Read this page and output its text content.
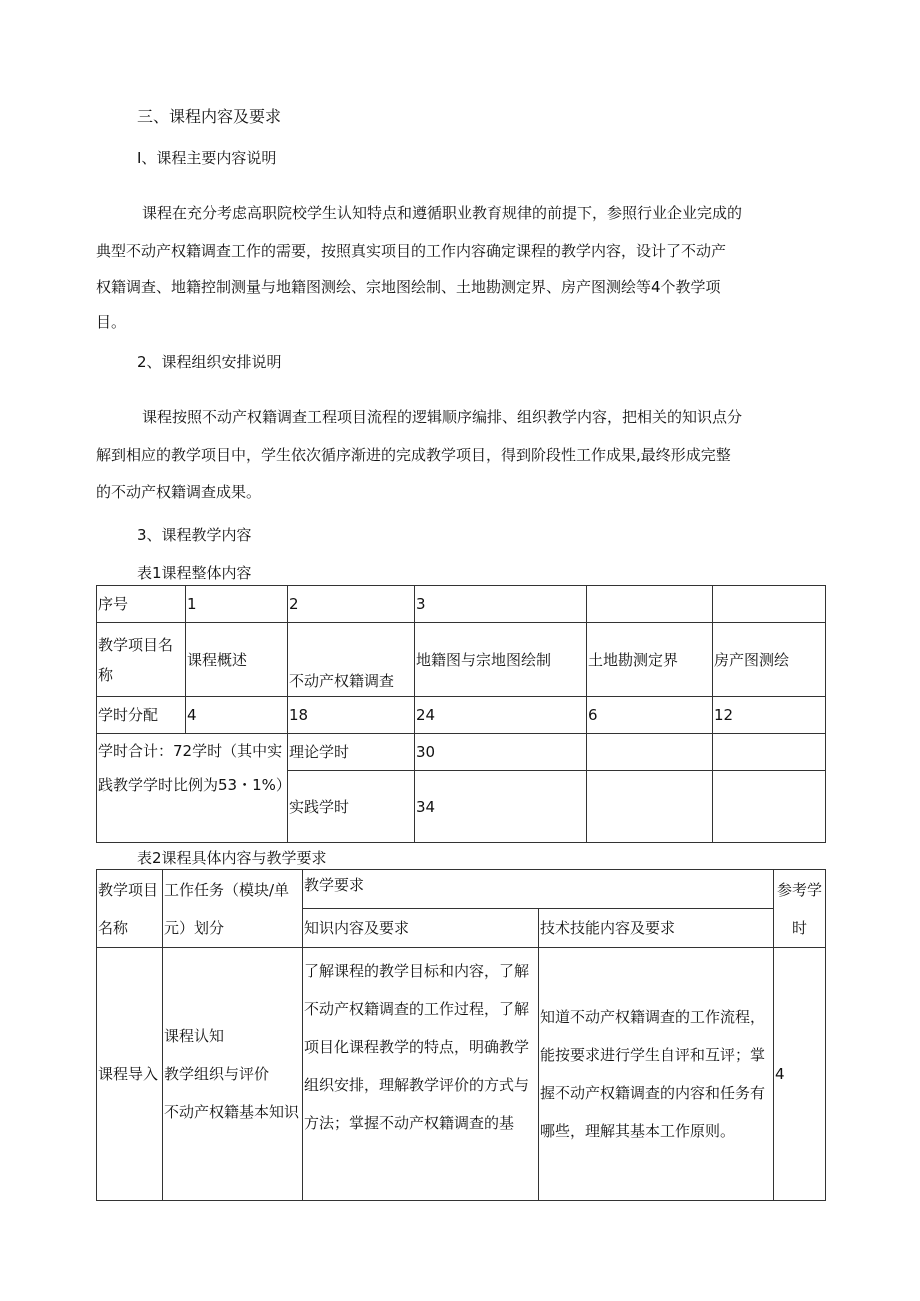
三、课程内容及要求
I、课程主要内容说明
课程在充分考虑高职院校学生认知特点和遵循职业教育规律的前提下，参照行业企业完成的
典型不动产权籍调查工作的需要，按照真实项目的工作内容确定课程的教学内容，设计了不动产
权籍调查、地籍控制测量与地籍图测绘、宗地图绘制、土地勘测定界、房产图测绘等4个教学项
目。
2、课程组织安排说明
课程按照不动产权籍调查工程项目流程的逻辑顺序编排、组织教学内容，把相关的知识点分
解到相应的教学项目中，学生依次循序渐进的完成教学项目，得到阶段性工作成果,最终形成完整
的不动产权籍调查成果。
3、课程教学内容
表1课程整体内容
序号	1	2	3		
教学项目名称	课程概述	不动产权籍调查	地籍图与宗地图绘制	土地勘测定界	房产图测绘
学时分配	4	18	24	6	12
学时合计：72学时（其中实践教学学时比例为53・1%）		理论学时	30		
		实践学时	34		
表2课程具体内容与教学要求
教学项目名称	工作任务（模块/单元）划分	教学要求		参考学时
		知识内容及要求	技术技能内容及要求	
课程导入	课程认知
教学组织与评价
不动产权籍基本知识	了解课程的教学目标和内容，了解不动产权籍调查的工作过程，了解项目化课程教学的特点，明确教学组织安排，理解教学评价的方式与方法；掌握不动产权籍调查的基	知道不动产权籍调查的工作流程，能按要求进行学生自评和互评；掌握不动产权籍调查的内容和任务有哪些，理解其基本工作原则。	4
